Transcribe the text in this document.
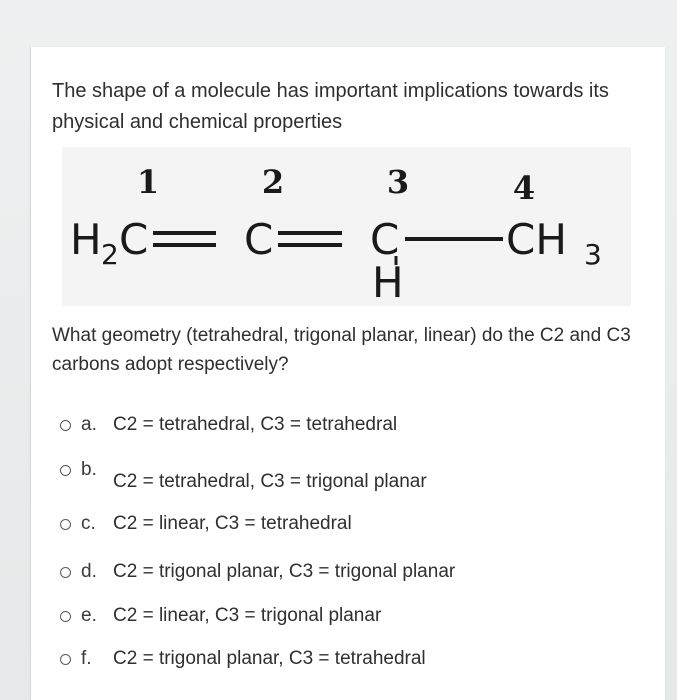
The shape of a molecule has important implications towards its physical and chemical properties
1	2	3	4
H 2 C C C
H
CH 3
What geometry (tetrahedral, trigonal planar, linear) do the C2 and C3 carbons adopt respectively?
a. C2 = tetrahedral, C3 = tetrahedral
b.
C2 = tetrahedral, C3 = trigonal planar
c. C2 = linear, C3 = tetrahedral
d. C2 = trigonal planar, C3 = trigonal planar
e. C2 = linear, C3 = trigonal planar
f.	C2 = trigonal planar, C3 = tetrahedral
